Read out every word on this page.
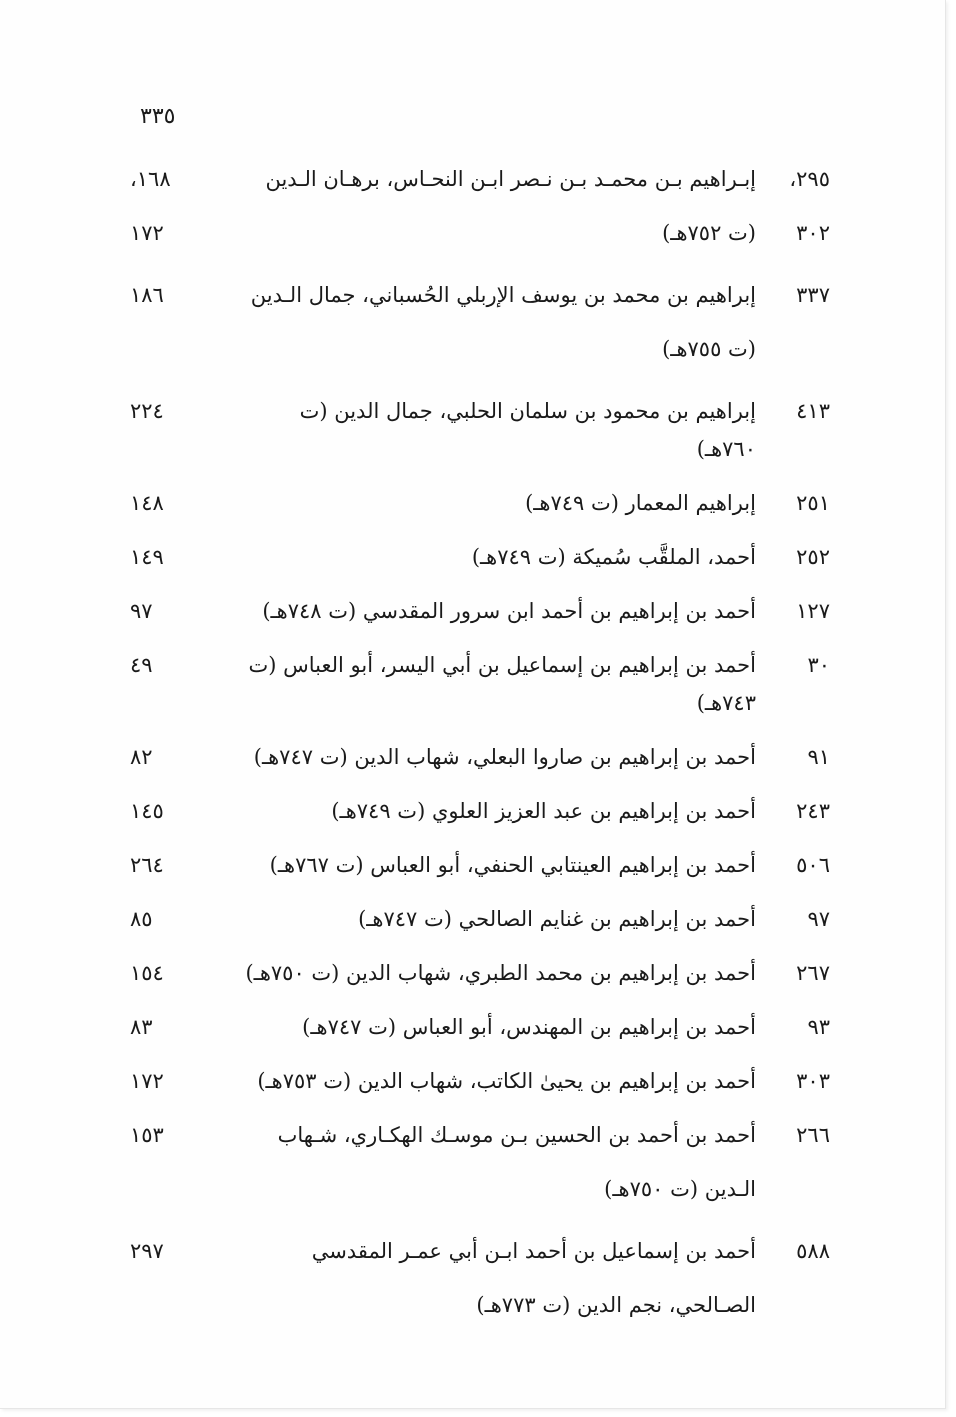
٣٣٥
٢٩٥،
٣٠٢
إبـراهيم بـن محمـد بـن نـصر ابـن النحـاس، برهـان الـدين (ت ٧٥٢هـ)
١٦٨،
١٧٢
٣٣٧
إبراهيم بن محمد بن يوسف الإربلي الحُسباني، جمال الـدين (ت ٧٥٥هـ)
١٨٦
٤١٣
إبراهيم بن محمود بن سلمان الحلبي، جمال الدين (ت ٧٦٠هـ)
٢٢٤
٢٥١
إبراهيم المعمار (ت ٧٤٩هـ)
١٤٨
٢٥٢
أحمد، الملقَّب سُميكة (ت ٧٤٩هـ)
١٤٩
١٢٧
أحمد بن إبراهيم بن أحمد ابن سرور المقدسي (ت ٧٤٨هـ)
٩٧
٣٠
أحمد بن إبراهيم بن إسماعيل بن أبي اليسر، أبو العباس (ت ٧٤٣هـ)
٤٩
٩١
أحمد بن إبراهيم بن صاروا البعلي، شهاب الدين (ت ٧٤٧هـ)
٨٢
٢٤٣
أحمد بن إبراهيم بن عبد العزيز العلوي (ت ٧٤٩هـ)
١٤٥
٥٠٦
أحمد بن إبراهيم العينتابي الحنفي، أبو العباس (ت ٧٦٧هـ)
٢٦٤
٩٧
أحمد بن إبراهيم بن غنايم الصالحي (ت ٧٤٧هـ)
٨٥
٢٦٧
أحمد بن إبراهيم بن محمد الطبري، شهاب الدين (ت ٧٥٠هـ)
١٥٤
٩٣
أحمد بن إبراهيم بن المهندس، أبو العباس (ت ٧٤٧هـ)
٨٣
٣٠٣
أحمد بن إبراهيم بن يحيىٰ الكاتب، شهاب الدين (ت ٧٥٣هـ)
١٧٢
٢٦٦
أحمد بن أحمد بن الحسين بـن موسـك الهكـاري، شـهاب الـدين (ت ٧٥٠هـ)
١٥٣
٥٨٨
أحمد بن إسماعيل بن أحمد ابـن أبي عمـر المقدسي الصـالحي، نجم الدين (ت ٧٧٣هـ)
٢٩٧
